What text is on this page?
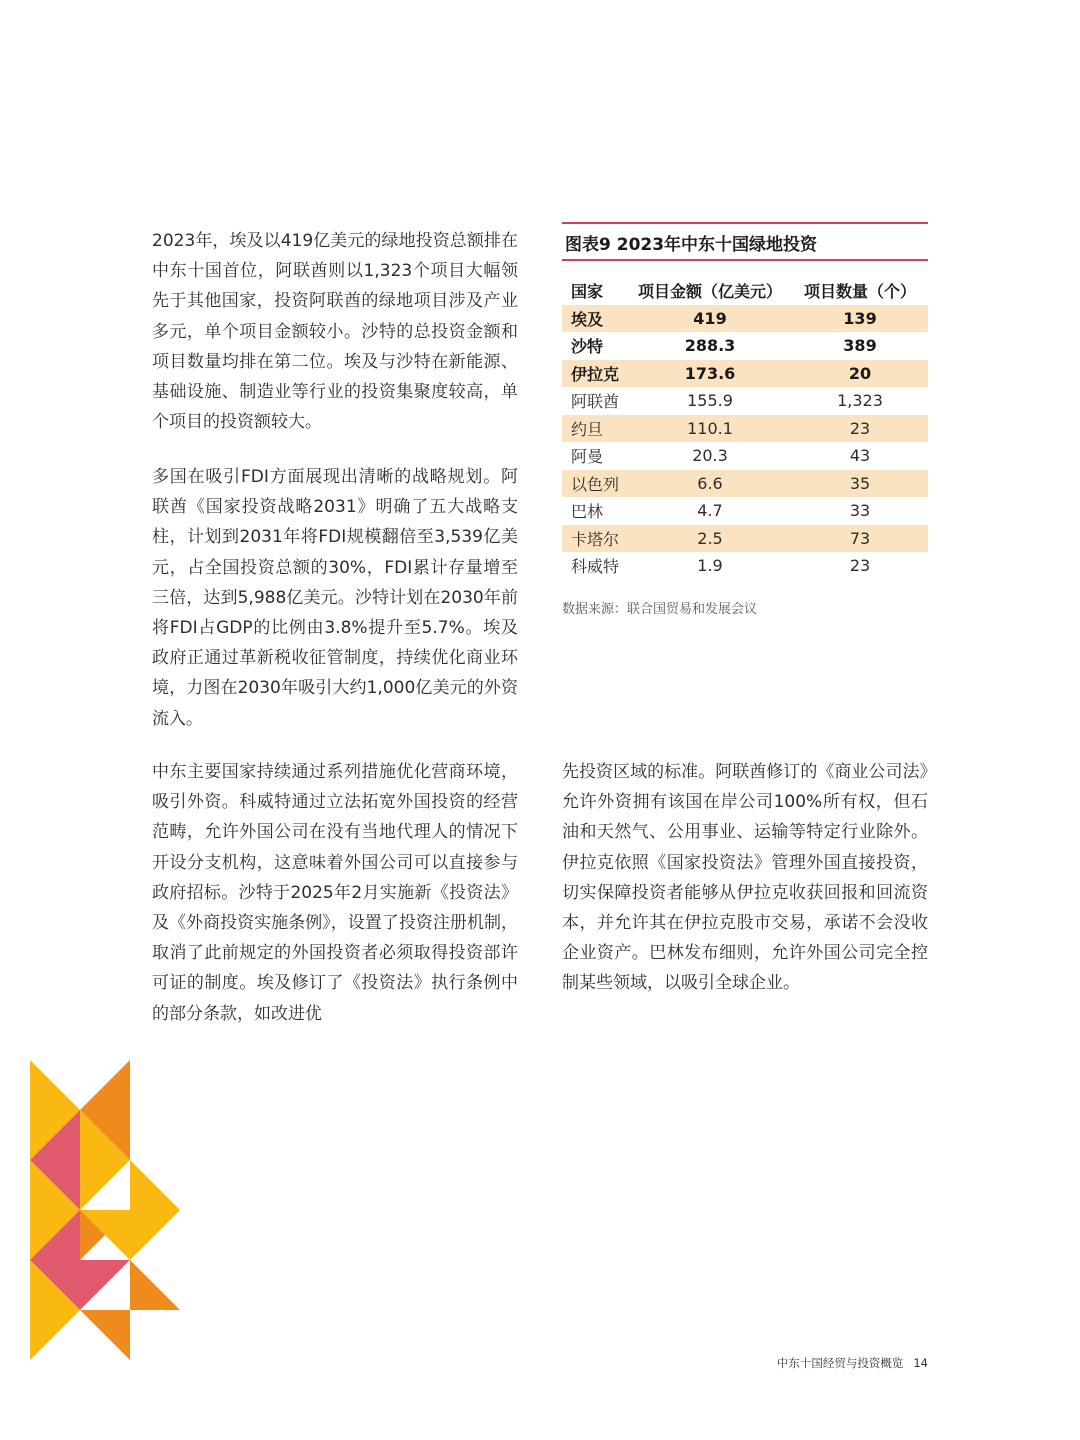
2023年，埃及以419亿美元的绿地投资总额排在中东十国首位，阿联酋则以1,323个项目大幅领先于其他国家，投资阿联酋的绿地项目涉及产业多元，单个项目金额较小。沙特的总投资金额和项目数量均排在第二位。埃及与沙特在新能源、基础设施、制造业等行业的投资集聚度较高，单个项目的投资额较大。

多国在吸引FDI方面展现出清晰的战略规划。阿联酋《国家投资战略2031》明确了五大战略支柱，计划到2031年将FDI规模翻倍至3,539亿美元，占全国投资总额的30%，FDI累计存量增至三倍，达到5,988亿美元。沙特计划在2030年前将FDI占GDP的比例由3.8%提升至5.7%。埃及政府正通过革新税收征管制度，持续优化商业环境，力图在2030年吸引大约1,000亿美元的外资流入。

中东主要国家持续通过系列措施优化营商环境，吸引外资。科威特通过立法拓宽外国投资的经营范畴，允许外国公司在没有当地代理人的情况下开设分支机构，这意味着外国公司可以直接参与政府招标。沙特于2025年2月实施新《投资法》及《外商投资实施条例》，设置了投资注册机制，取消了此前规定的外国投资者必须取得投资部许可证的制度。埃及修订了《投资法》执行条例中的部分条款，如改进优

先投资区域的标准。阿联酋修订的《商业公司法》允许外资拥有该国在岸公司100%所有权，但石油和天然气、公用事业、运输等特定行业除外。伊拉克依照《国家投资法》管理外国直接投资，切实保障投资者能够从伊拉克收获回报和回流资本，并允许其在伊拉克股市交易，承诺不会没收企业资产。巴林发布细则，允许外国公司完全控制某些领域，以吸引全球企业。

图表9 2023年中东十国绿地投资
国家	项目金额（亿美元）	项目数量（个）
埃及	419	139
沙特	288.3	389
伊拉克	173.6	20
阿联酋	155.9	1,323
约旦	110.1	23
阿曼	20.3	43
以色列	6.6	35
巴林	4.7	33
卡塔尔	2.5	73
科威特	1.9	23
数据来源：联合国贸易和发展会议
中东十国经贸与投资概览 14
